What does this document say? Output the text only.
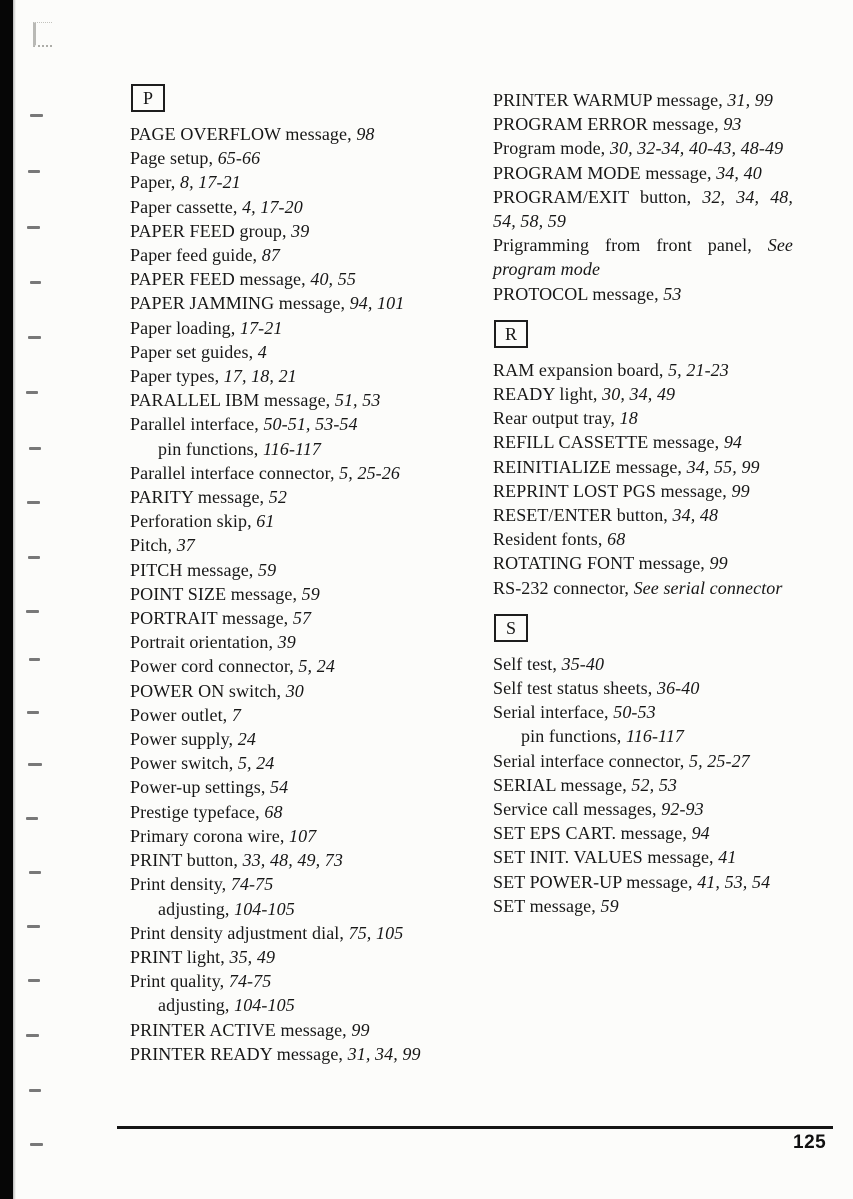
P
PAGE OVERFLOW message, 98
Page setup, 65-66
Paper, 8, 17-21
Paper cassette, 4, 17-20
PAPER FEED group, 39
Paper feed guide, 87
PAPER FEED message, 40, 55
PAPER JAMMING message, 94, 101
Paper loading, 17-21
Paper set guides, 4
Paper types, 17, 18, 21
PARALLEL IBM message, 51, 53
Parallel interface, 50-51, 53-54
pin functions, 116-117
Parallel interface connector, 5, 25-26
PARITY message, 52
Perforation skip, 61
Pitch, 37
PITCH message, 59
POINT SIZE message, 59
PORTRAIT message, 57
Portrait orientation, 39
Power cord connector, 5, 24
POWER ON switch, 30
Power outlet, 7
Power supply, 24
Power switch, 5, 24
Power-up settings, 54
Prestige typeface, 68
Primary corona wire, 107
PRINT button, 33, 48, 49, 73
Print density, 74-75
adjusting, 104-105
Print density adjustment dial, 75, 105
PRINT light, 35, 49
Print quality, 74-75
adjusting, 104-105
PRINTER ACTIVE message, 99
PRINTER READY message, 31, 34, 99
PRINTER WARMUP message, 31, 99
PROGRAM ERROR message, 93
Program mode, 30, 32-34, 40-43, 48-49
PROGRAM MODE message, 34, 40
PROGRAM/EXIT button, 32, 34, 48, 54, 58, 59
Prigramming from front panel, See program mode
PROTOCOL message, 53
R
RAM expansion board, 5, 21-23
READY light, 30, 34, 49
Rear output tray, 18
REFILL CASSETTE message, 94
REINITIALIZE message, 34, 55, 99
REPRINT LOST PGS message, 99
RESET/ENTER button, 34, 48
Resident fonts, 68
ROTATING FONT message, 99
RS-232 connector, See serial connector
S
Self test, 35-40
Self test status sheets, 36-40
Serial interface, 50-53
pin functions, 116-117
Serial interface connector, 5, 25-27
SERIAL message, 52, 53
Service call messages, 92-93
SET EPS CART. message, 94
SET INIT. VALUES message, 41
SET POWER-UP message, 41, 53, 54
SET message, 59
125
